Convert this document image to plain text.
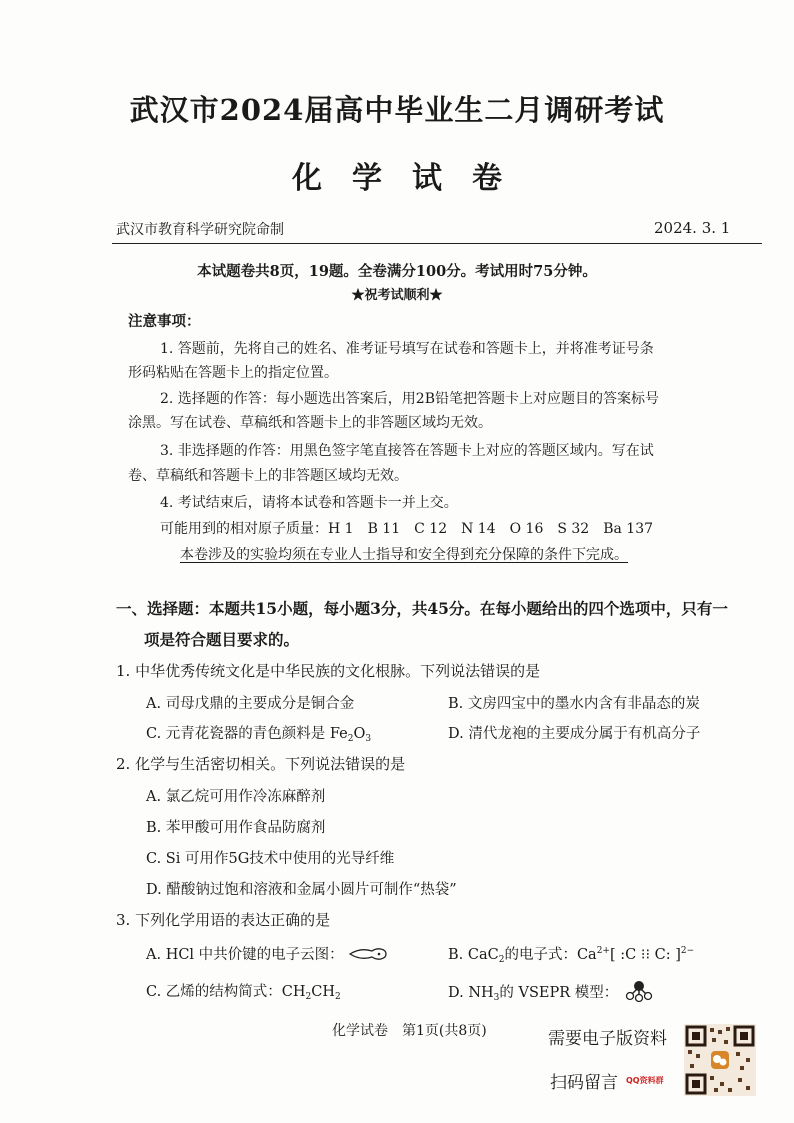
武汉市2024届高中毕业生二月调研考试
化学试卷
武汉市教育科学研究院命制	2024. 3. 1
本试题卷共8页，19题。全卷满分100分。考试用时75分钟。
★祝考试顺利★
注意事项：
1. 答题前，先将自己的姓名、准考证号填写在试卷和答题卡上，并将准考证号条
形码粘贴在答题卡上的指定位置。
2. 选择题的作答：每小题选出答案后，用2B铅笔把答题卡上对应题目的答案标号
涂黑。写在试卷、草稿纸和答题卡上的非答题区域均无效。
3. 非选择题的作答：用黑色签字笔直接答在答题卡上对应的答题区域内。写在试
卷、草稿纸和答题卡上的非答题区域均无效。
4. 考试结束后，请将本试卷和答题卡一并上交。
可能用到的相对原子质量：H 1　B 11　C 12　N 14　O 16　S 32　Ba 137
本卷涉及的实验均须在专业人士指导和安全得到充分保障的条件下完成。
一、选择题：本题共15小题，每小题3分，共45分。在每小题给出的四个选项中，只有一
项是符合题目要求的。
1. 中华优秀传统文化是中华民族的文化根脉。下列说法错误的是
A. 司母戊鼎的主要成分是铜合金	B. 文房四宝中的墨水内含有非晶态的炭
C. 元青花瓷器的青色颜料是 $Fe_2O_3$	D. 清代龙袍的主要成分属于有机高分子
2. 化学与生活密切相关。下列说法错误的是
A. 氯乙烷可用作冷冻麻醉剂
B. 苯甲酸可用作食品防腐剂
C. Si 可用作5G技术中使用的光导纤维
D. 醋酸钠过饱和溶液和金属小圆片可制作“热袋”
3. 下列化学用语的表达正确的是
A. HCl 中共价键的电子云图：	B. CaC$_2$的电子式：$Ca^{2+}$[ :C ⁝⁝ C: ]$^{2-}$
C. 乙烯的结构简式：$CH_2CH_2$	D. $NH_3$的 VSEPR 模型：
化学试卷　第1页(共8页)	需要电子版资料
扫码留言 QQ资料群
